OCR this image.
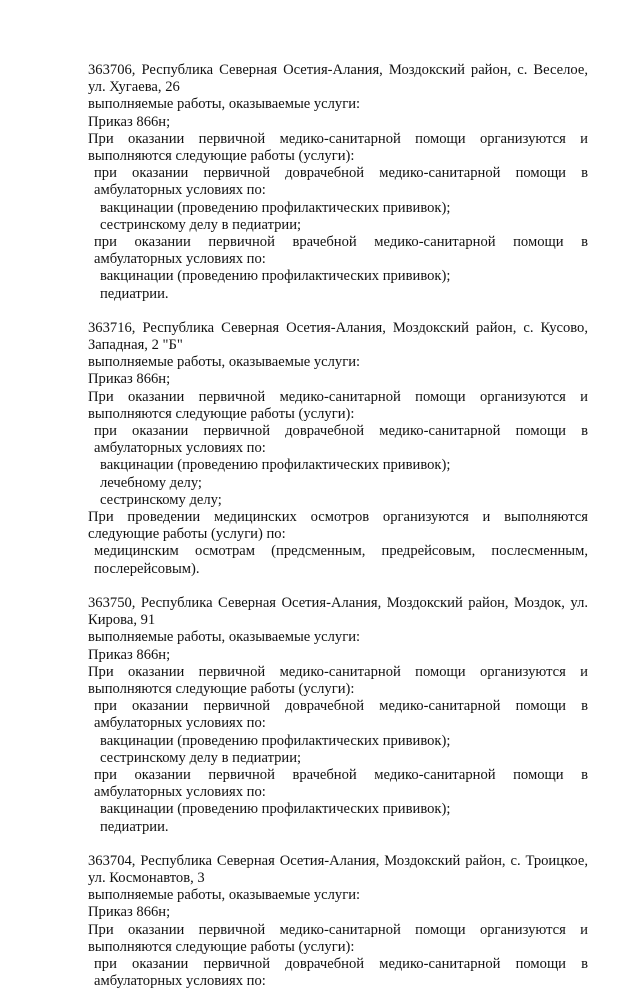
363706, Республика Северная Осетия-Алания, Моздокский район, с. Веселое, ул. Хугаева, 26
выполняемые работы, оказываемые услуги:
Приказ 866н;
При оказании первичной медико-санитарной помощи организуются и выполняются следующие работы (услуги):
при оказании первичной доврачебной медико-санитарной помощи в амбулаторных условиях по:
вакцинации (проведению профилактических прививок);
сестринскому делу в педиатрии;
при оказании первичной врачебной медико-санитарной помощи в амбулаторных условиях по:
вакцинации (проведению профилактических прививок);
педиатрии.
363716, Республика Северная Осетия-Алания, Моздокский район, с. Кусово, Западная, 2 "Б"
выполняемые работы, оказываемые услуги:
Приказ 866н;
При оказании первичной медико-санитарной помощи организуются и выполняются следующие работы (услуги):
при оказании первичной доврачебной медико-санитарной помощи в амбулаторных условиях по:
вакцинации (проведению профилактических прививок);
лечебному делу;
сестринскому делу;
При проведении медицинских осмотров организуются и выполняются следующие работы (услуги) по:
медицинским осмотрам (предсменным, предрейсовым, послесменным, послерейсовым).
363750, Республика Северная Осетия-Алания, Моздокский район, Моздок, ул. Кирова, 91
выполняемые работы, оказываемые услуги:
Приказ 866н;
При оказании первичной медико-санитарной помощи организуются и выполняются следующие работы (услуги):
при оказании первичной доврачебной медико-санитарной помощи в амбулаторных условиях по:
вакцинации (проведению профилактических прививок);
сестринскому делу в педиатрии;
при оказании первичной врачебной медико-санитарной помощи в амбулаторных условиях по:
вакцинации (проведению профилактических прививок);
педиатрии.
363704, Республика Северная Осетия-Алания, Моздокский район, с. Троицкое, ул. Космонавтов, 3
выполняемые работы, оказываемые услуги:
Приказ 866н;
При оказании первичной медико-санитарной помощи организуются и выполняются следующие работы (услуги):
при оказании первичной доврачебной медико-санитарной помощи в амбулаторных условиях по:
